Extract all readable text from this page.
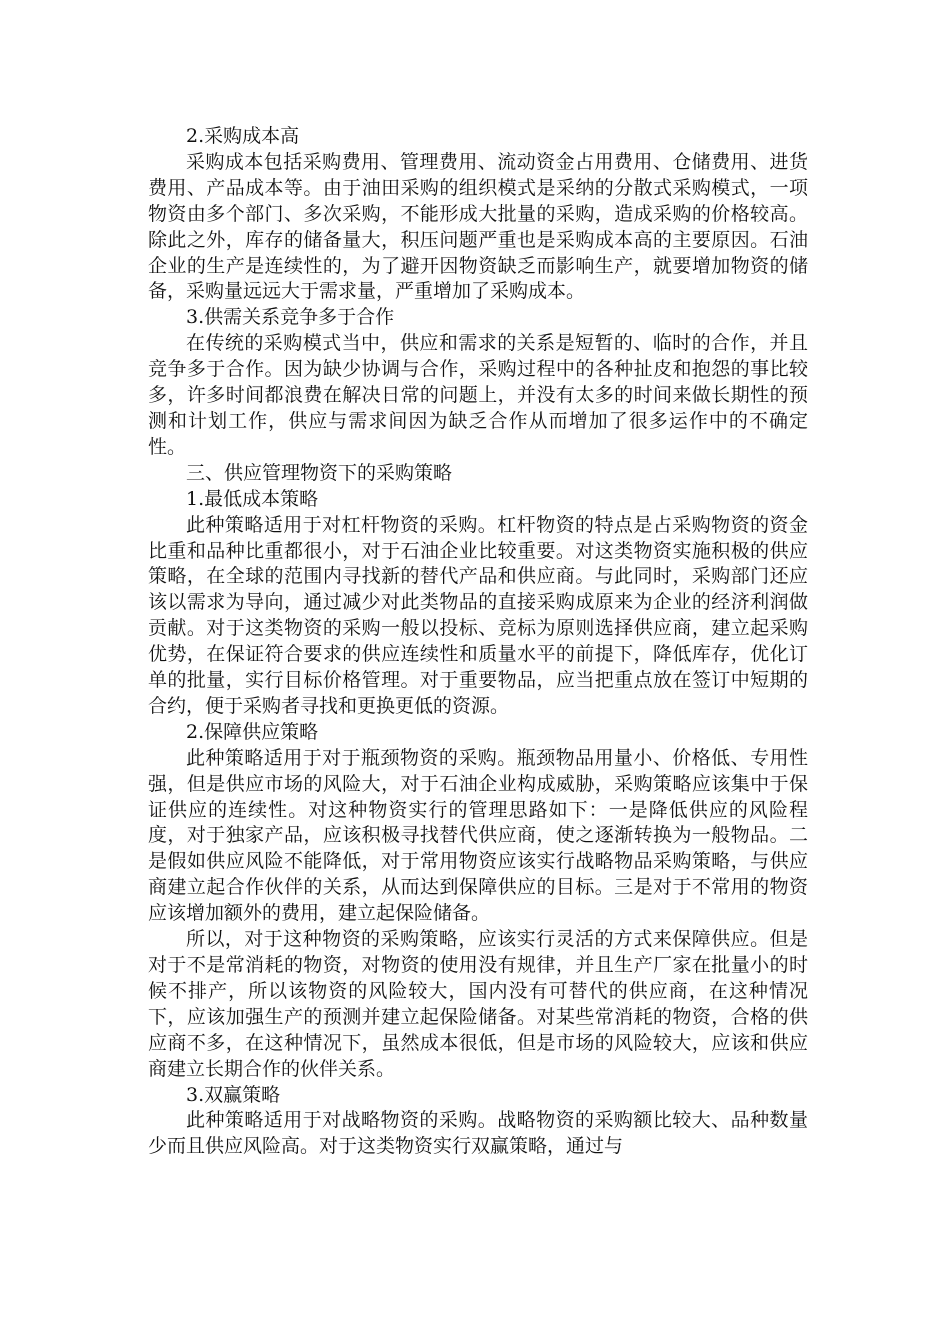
2.采购成本高

采购成本包括采购费用、管理费用、流动资金占用费用、仓储费用、进货费用、产品成本等。由于油田采购的组织模式是采纳的分散式采购模式，一项物资由多个部门、多次采购，不能形成大批量的采购，造成采购的价格较高。除此之外，库存的储备量大，积压问题严重也是采购成本高的主要原因。石油企业的生产是连续性的，为了避开因物资缺乏而影响生产，就要增加物资的储备，采购量远远大于需求量，严重增加了采购成本。

3.供需关系竞争多于合作

在传统的采购模式当中，供应和需求的关系是短暂的、临时的合作，并且竞争多于合作。因为缺少协调与合作，采购过程中的各种扯皮和抱怨的事比较多，许多时间都浪费在解决日常的问题上，并没有太多的时间来做长期性的预测和计划工作，供应与需求间因为缺乏合作从而增加了很多运作中的不确定性。

三、供应管理物资下的采购策略

1.最低成本策略

此种策略适用于对杠杆物资的采购。杠杆物资的特点是占采购物资的资金比重和品种比重都很小，对于石油企业比较重要。对这类物资实施积极的供应策略，在全球的范围内寻找新的替代产品和供应商。与此同时，采购部门还应该以需求为导向，通过减少对此类物品的直接采购成原来为企业的经济利润做贡献。对于这类物资的采购一般以投标、竞标为原则选择供应商，建立起采购优势，在保证符合要求的供应连续性和质量水平的前提下，降低库存，优化订单的批量，实行目标价格管理。对于重要物品，应当把重点放在签订中短期的合约，便于采购者寻找和更换更低的资源。

2.保障供应策略

此种策略适用于对于瓶颈物资的采购。瓶颈物品用量小、价格低、专用性强，但是供应市场的风险大，对于石油企业构成威胁，采购策略应该集中于保证供应的连续性。对这种物资实行的管理思路如下：一是降低供应的风险程度，对于独家产品，应该积极寻找替代供应商，使之逐渐转换为一般物品。二是假如供应风险不能降低，对于常用物资应该实行战略物品采购策略，与供应商建立起合作伙伴的关系，从而达到保障供应的目标。三是对于不常用的物资应该增加额外的费用，建立起保险储备。

所以，对于这种物资的采购策略，应该实行灵活的方式来保障供应。但是对于不是常消耗的物资，对物资的使用没有规律，并且生产厂家在批量小的时候不排产，所以该物资的风险较大，国内没有可替代的供应商，在这种情况下，应该加强生产的预测并建立起保险储备。对某些常消耗的物资，合格的供应商不多，在这种情况下，虽然成本很低，但是市场的风险较大，应该和供应商建立长期合作的伙伴关系。

3.双赢策略

此种策略适用于对战略物资的采购。战略物资的采购额比较大、品种数量少而且供应风险高。对于这类物资实行双赢策略，通过与
